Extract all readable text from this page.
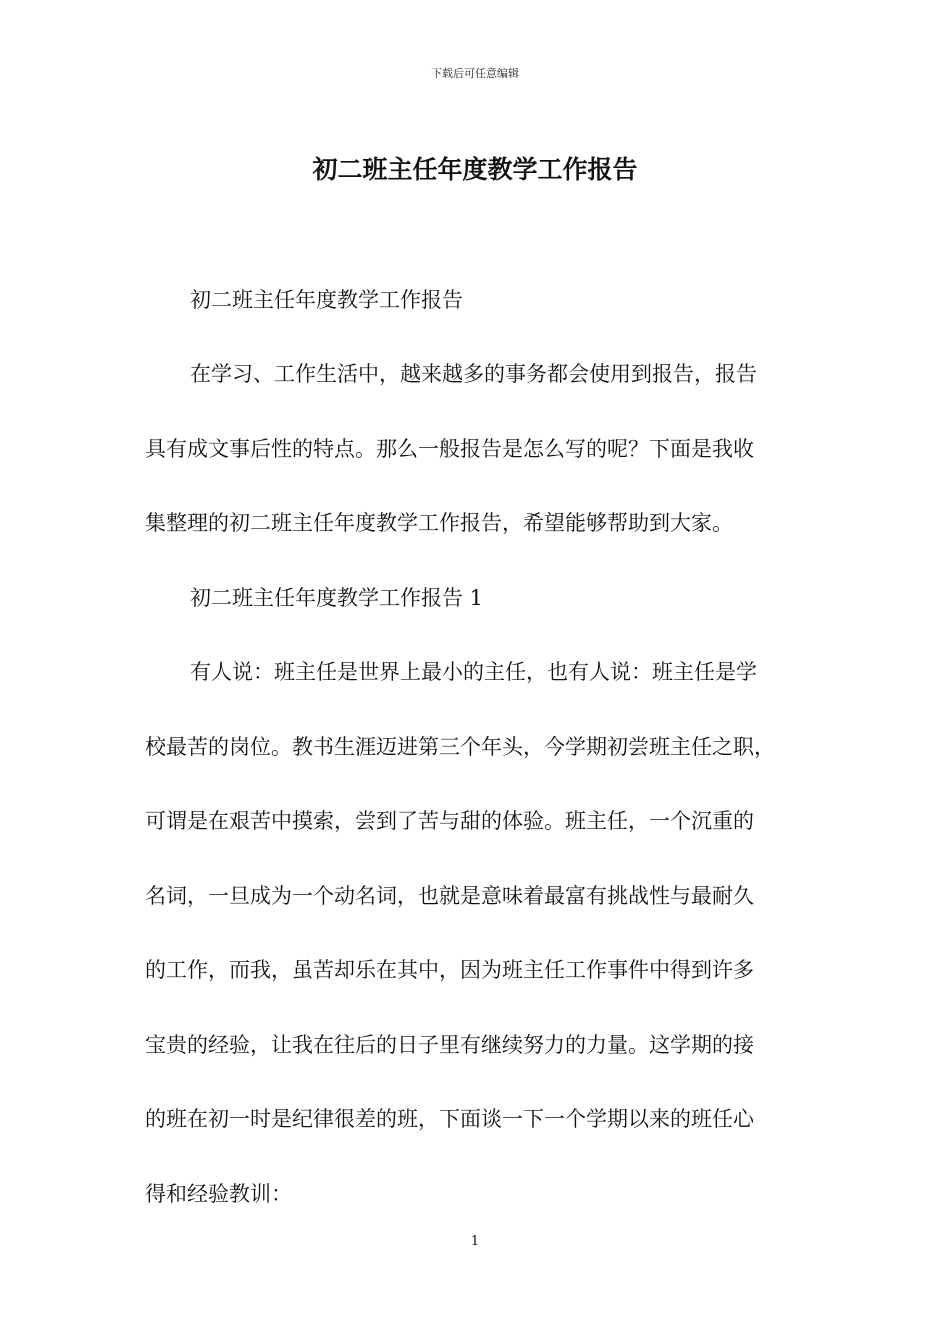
下载后可任意编辑
初二班主任年度教学工作报告

初二班主任年度教学工作报告

在学习、工作生活中，越来越多的事务都会使用到报告，报告

具有成文事后性的特点。那么一般报告是怎么写的呢？下面是我收

集整理的初二班主任年度教学工作报告，希望能够帮助到大家。

初二班主任年度教学工作报告 1

有人说：班主任是世界上最小的主任，也有人说：班主任是学

校最苦的岗位。教书生涯迈进第三个年头，今学期初尝班主任之职，

可谓是在艰苦中摸索，尝到了苦与甜的体验。班主任，一个沉重的

名词，一旦成为一个动名词，也就是意味着最富有挑战性与最耐久

的工作，而我，虽苦却乐在其中，因为班主任工作事件中得到许多

宝贵的经验，让我在往后的日子里有继续努力的力量。这学期的接

的班在初一时是纪律很差的班，下面谈一下一个学期以来的班任心

得和经验教训：

1
